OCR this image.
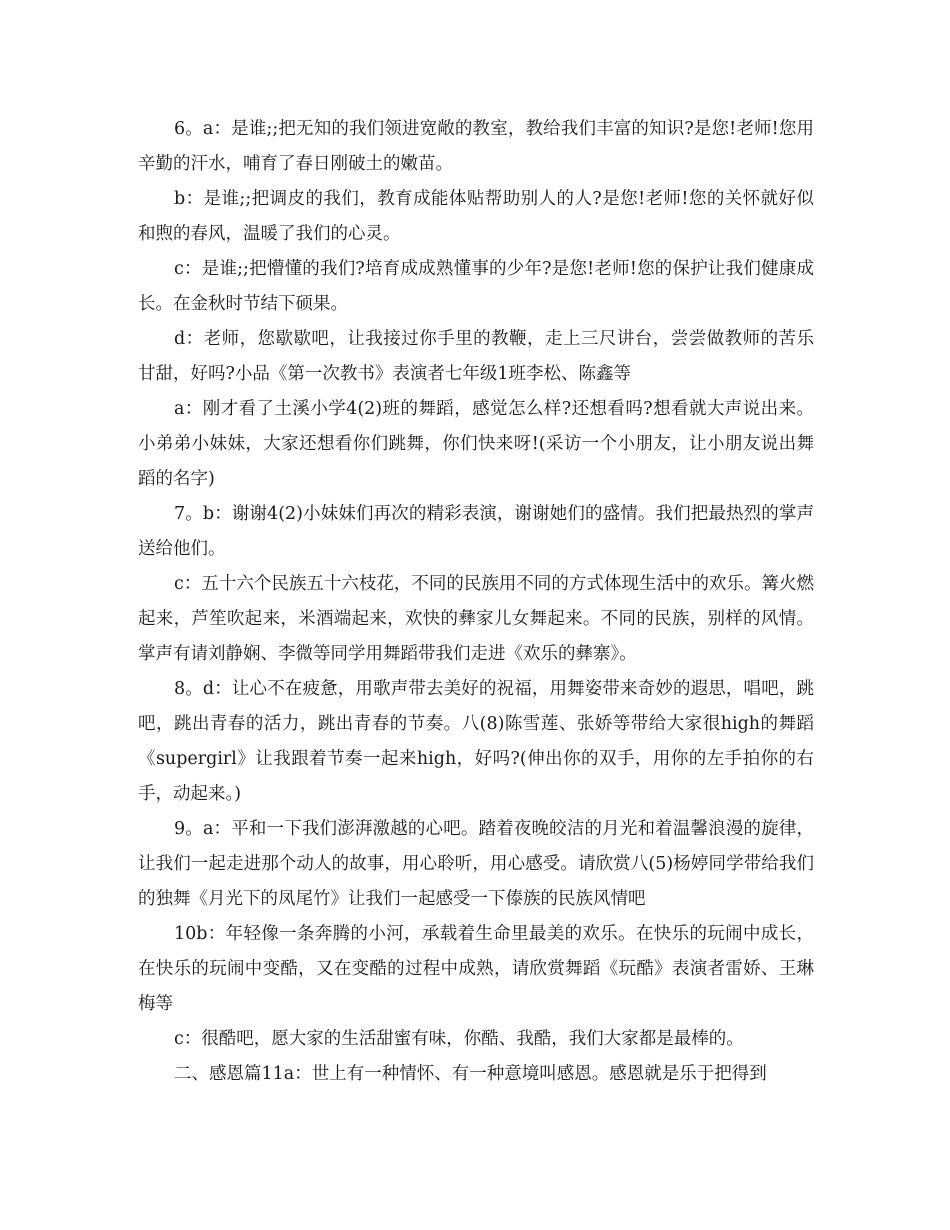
6。a：是谁;;把无知的我们领进宽敞的教室，教给我们丰富的知识?是您!老师!您用辛勤的汗水，哺育了春日刚破土的嫩苗。

b：是谁;;把调皮的我们，教育成能体贴帮助别人的人?是您!老师!您的关怀就好似和煦的春风，温暖了我们的心灵。

c：是谁;;把懵懂的我们?培育成成熟懂事的少年?是您!老师!您的保护让我们健康成长。在金秋时节结下硕果。

d：老师，您歇歇吧，让我接过你手里的教鞭，走上三尺讲台，尝尝做教师的苦乐甘甜，好吗?小品《第一次教书》表演者七年级1班李松、陈鑫等

a：刚才看了土溪小学4(2)班的舞蹈，感觉怎么样?还想看吗?想看就大声说出来。小弟弟小妹妹，大家还想看你们跳舞，你们快来呀!(采访一个小朋友，让小朋友说出舞蹈的名字)

7。b：谢谢4(2)小妹妹们再次的精彩表演，谢谢她们的盛情。我们把最热烈的掌声送给他们。

c：五十六个民族五十六枝花，不同的民族用不同的方式体现生活中的欢乐。篝火燃起来，芦笙吹起来，米酒端起来，欢快的彝家儿女舞起来。不同的民族，别样的风情。掌声有请刘静娴、李微等同学用舞蹈带我们走进《欢乐的彝寨》。

8。d：让心不在疲惫，用歌声带去美好的祝福，用舞姿带来奇妙的遐思，唱吧，跳吧，跳出青春的活力，跳出青春的节奏。八(8)陈雪莲、张娇等带给大家很high的舞蹈《supergirl》让我跟着节奏一起来high，好吗?(伸出你的双手，用你的左手拍你的右手，动起来。)

9。a：平和一下我们澎湃激越的心吧。踏着夜晚皎洁的月光和着温馨浪漫的旋律，让我们一起走进那个动人的故事，用心聆听，用心感受。请欣赏八(5)杨婷同学带给我们的独舞《月光下的凤尾竹》让我们一起感受一下傣族的民族风情吧

10b：年轻像一条奔腾的小河，承载着生命里最美的欢乐。在快乐的玩闹中成长，在快乐的玩闹中变酷，又在变酷的过程中成熟，请欣赏舞蹈《玩酷》表演者雷娇、王琳梅等

c：很酷吧，愿大家的生活甜蜜有味，你酷、我酷，我们大家都是最棒的。

二、感恩篇11a：世上有一种情怀、有一种意境叫感恩。感恩就是乐于把得到
